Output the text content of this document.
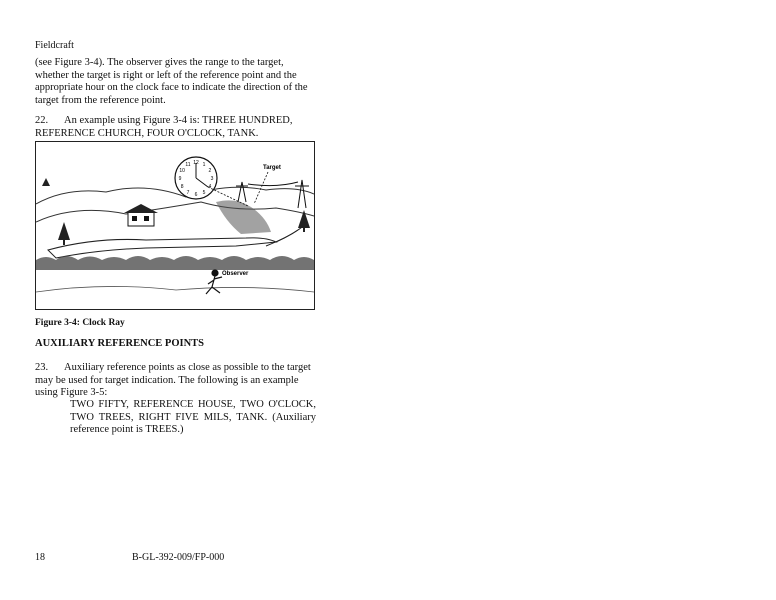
Fieldcraft
(see Figure 3-4). The observer gives the range to the target, whether the target is right or left of the reference point and the appropriate hour on the clock face to indicate the direction of the target from the reference point.
22. An example using Figure 3-4 is: THREE HUNDRED, REFERENCE CHURCH, FOUR O'CLOCK, TANK.
12 1
2
3
4
5
6
7
8
9
10
11	Target
Observer
Figure 3-4: Clock Ray
AUXILIARY REFERENCE POINTS
23. Auxiliary reference points as close as possible to the target may be used for target indication. The following is an example using Figure 3-5:
TWO FIFTY, REFERENCE HOUSE, TWO O'CLOCK, TWO TREES, RIGHT FIVE MILS, TANK. (Auxiliary reference point is TREES.)
18	B-GL-392-009/FP-000
